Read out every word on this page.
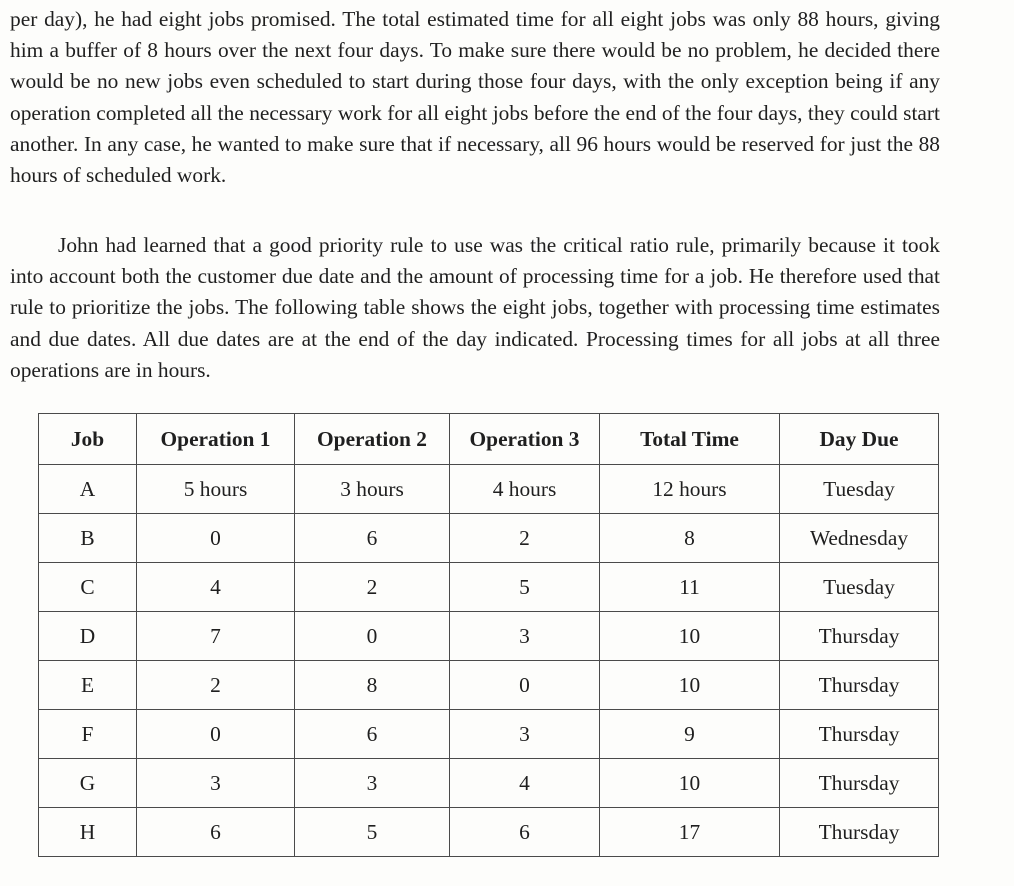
per day), he had eight jobs promised. The total estimated time for all eight jobs was only 88 hours, giving him a buffer of 8 hours over the next four days. To make sure there would be no problem, he decided there would be no new jobs even scheduled to start during those four days, with the only exception being if any operation completed all the necessary work for all eight jobs before the end of the four days, they could start another. In any case, he wanted to make sure that if necessary, all 96 hours would be reserved for just the 88 hours of scheduled work.

John had learned that a good priority rule to use was the critical ratio rule, primarily because it took into account both the customer due date and the amount of processing time for a job. He therefore used that rule to prioritize the jobs. The following table shows the eight jobs, together with processing time estimates and due dates. All due dates are at the end of the day indicated. Processing times for all jobs at all three operations are in hours.

Job	Operation 1	Operation 2	Operation 3	Total Time	Day Due
A	5 hours	3 hours	4 hours	12 hours	Tuesday
B	0	6	2	8	Wednesday
C	4	2	5	11	Tuesday
D	7	0	3	10	Thursday
E	2	8	0	10	Thursday
F	0	6	3	9	Thursday
G	3	3	4	10	Thursday
H	6	5	6	17	Thursday
